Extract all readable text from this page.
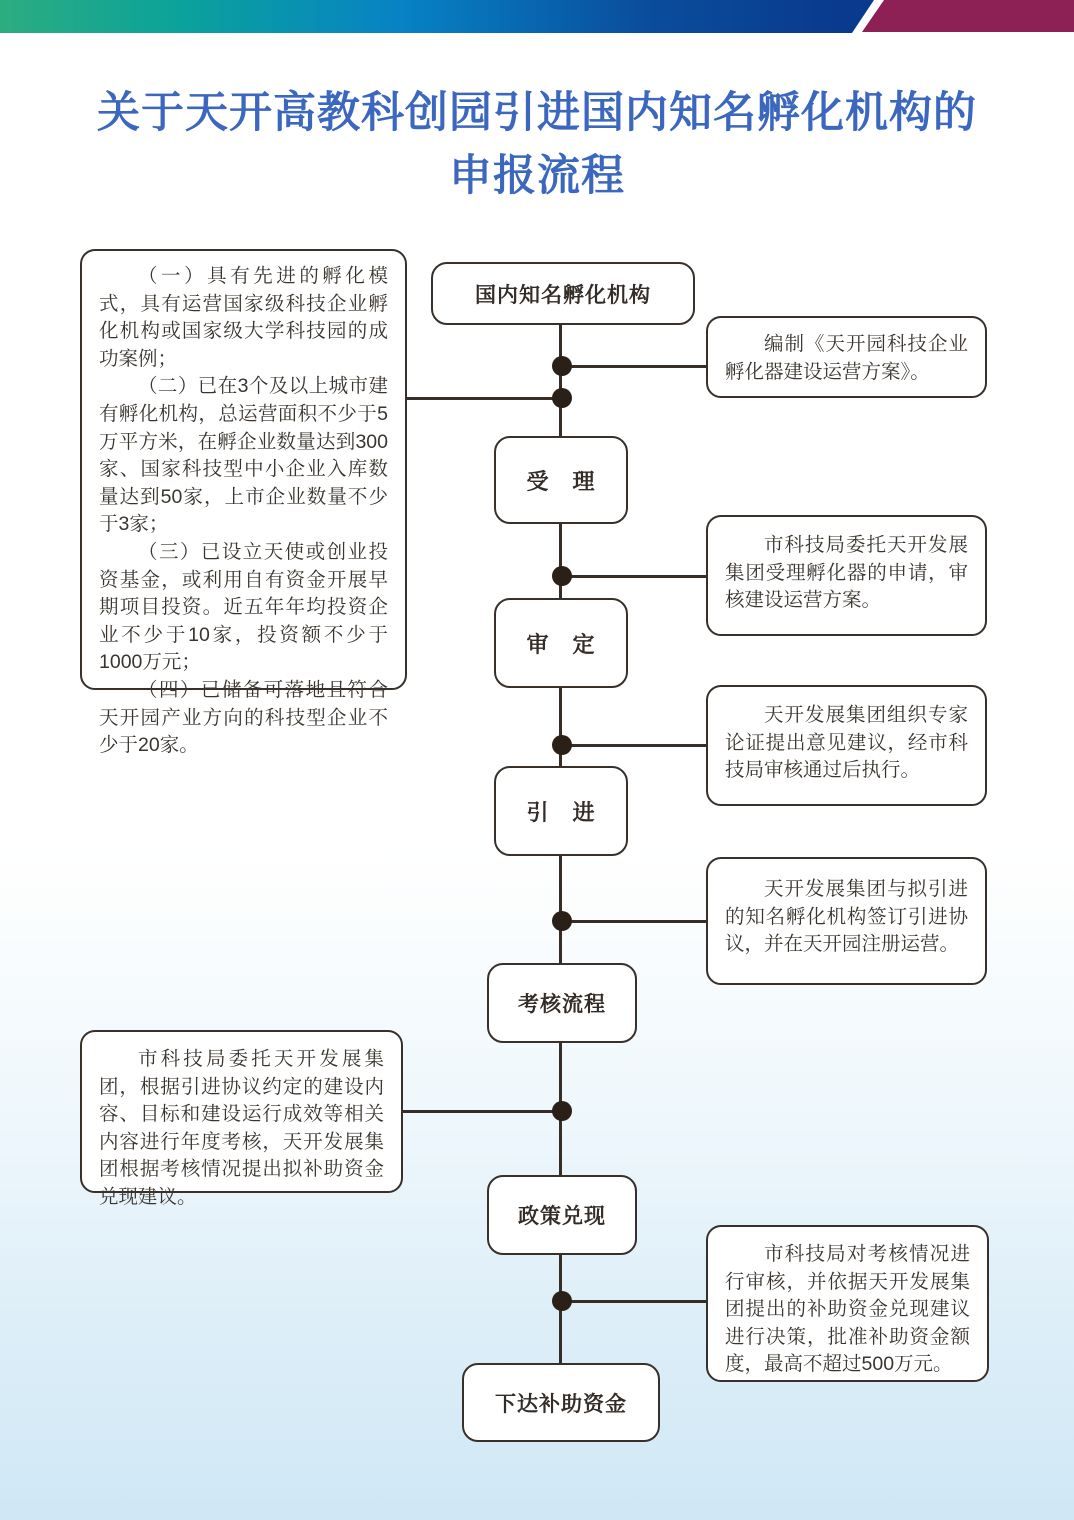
关于天开高教科创园引进国内知名孵化机构的
申报流程
国内知名孵化机构
受　理
审　定
引　进
考核流程
政策兑现
下达补助资金

（一）具有先进的孵化模式，具有运营国家级科技企业孵化机构或国家级大学科技园的成功案例；

（二）已在3个及以上城市建有孵化机构，总运营面积不少于5万平方米，在孵企业数量达到300家、国家科技型中小企业入库数量达到50家，上市企业数量不少于3家；

（三）已设立天使或创业投资基金，或利用自有资金开展早期项目投资。近五年年均投资企业不少于10家，投资额不少于1000万元；

（四）已储备可落地且符合天开园产业方向的科技型企业不少于20家。

市科技局委托天开发展集团，根据引进协议约定的建设内容、目标和建设运行成效等相关内容进行年度考核，天开发展集团根据考核情况提出拟补助资金兑现建议。

编制《天开园科技企业孵化器建设运营方案》。

市科技局委托天开发展集团受理孵化器的申请，审核建设运营方案。

天开发展集团组织专家论证提出意见建议，经市科技局审核通过后执行。

天开发展集团与拟引进的知名孵化机构签订引进协议，并在天开园注册运营。

市科技局对考核情况进行审核，并依据天开发展集团提出的补助资金兑现建议进行决策，批准补助资金额度，最高不超过500万元。
